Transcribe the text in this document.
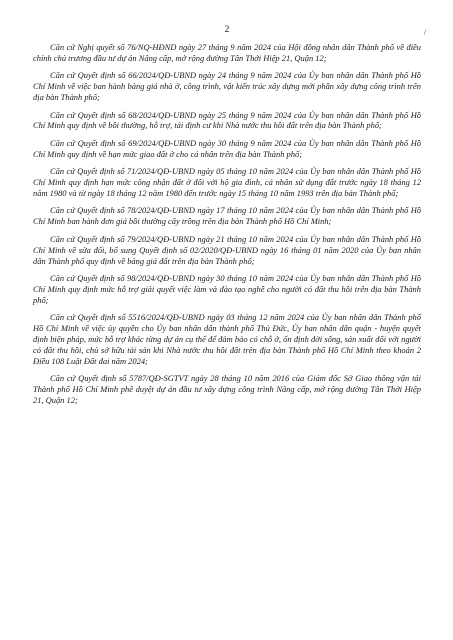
2	/

Căn cứ Nghị quyết số 76/NQ-HĐND ngày 27 tháng 9 năm 2024 của Hội đồng nhân dân Thành phố về điều chỉnh chủ trương đầu tư dự án Nâng cấp, mở rộng đường Tân Thới Hiệp 21, Quận 12;

Căn cứ Quyết định số 66/2024/QĐ-UBND ngày 24 tháng 9 năm 2024 của Ủy ban nhân dân Thành phố Hồ Chí Minh về việc ban hành bảng giá nhà ở, công trình, vật kiến trúc xây dựng mới phần xây dựng công trình trên địa bàn Thành phố;

Căn cứ Quyết định số 68/2024/QĐ-UBND ngày 25 tháng 9 năm 2024 của Ủy ban nhân dân Thành phố Hồ Chí Minh quy định về bồi thường, hỗ trợ, tái định cư khi Nhà nước thu hồi đất trên địa bàn Thành phố;

Căn cứ Quyết định số 69/2024/QĐ-UBND ngày 30 tháng 9 năm 2024 của Ủy ban nhân dân Thành phố Hồ Chí Minh quy định về hạn mức giao đất ở cho cá nhân trên địa bàn Thành phố;

Căn cứ Quyết định số 71/2024/QĐ-UBND ngày 05 tháng 10 năm 2024 của Ủy ban nhân dân Thành phố Hồ Chí Minh quy định hạn mức công nhận đất ở đối với hộ gia đình, cá nhân sử dụng đất trước ngày 18 tháng 12 năm 1980 và từ ngày 18 tháng 12 năm 1980 đến trước ngày 15 tháng 10 năm 1993 trên địa bàn Thành phố;

Căn cứ Quyết định số 78/2024/QĐ-UBND ngày 17 tháng 10 năm 2024 của Ủy ban nhân dân Thành phố Hồ Chí Minh ban hành đơn giá bồi thường cây trồng trên địa bàn Thành phố Hồ Chí Minh;

Căn cứ Quyết định số 79/2024/QĐ-UBND ngày 21 tháng 10 năm 2024 của Ủy ban nhân dân Thành phố Hồ Chí Minh về sửa đổi, bổ sung Quyết định số 02/2020/QĐ-UBND ngày 16 tháng 01 năm 2020 của Ủy ban nhân dân Thành phố quy định về bảng giá đất trên địa bàn Thành phố;

Căn cứ Quyết định số 98/2024/QĐ-UBND ngày 30 tháng 10 năm 2024 của Ủy ban nhân dân Thành phố Hồ Chí Minh quy định mức hỗ trợ giải quyết việc làm và đào tạo nghề cho người có đất thu hồi trên địa bàn Thành phố;

Căn cứ Quyết định số 5516/2024/QĐ-UBND ngày 03 tháng 12 năm 2024 của Ủy ban nhân dân Thành phố Hồ Chí Minh về việc ủy quyền cho Ủy ban nhân dân thành phố Thủ Đức, Ủy ban nhân dân quận - huyện quyết định biện pháp, mức hỗ trợ khác từng dự án cụ thể để đảm bảo có chỗ ở, ổn định đời sống, sản xuất đối với người có đất thu hồi, chủ sở hữu tài sản khi Nhà nước thu hồi đất trên địa bàn Thành phố Hồ Chí Minh theo khoản 2 Điều 108 Luật Đất đai năm 2024;

Căn cứ Quyết định số 5787/QĐ-SGTVT ngày 28 tháng 10 năm 2016 của Giám đốc Sở Giao thông vận tải Thành phố Hồ Chí Minh phê duyệt dự án đầu tư xây dựng công trình Nâng cấp, mở rộng đường Tân Thới Hiệp 21, Quận 12;
